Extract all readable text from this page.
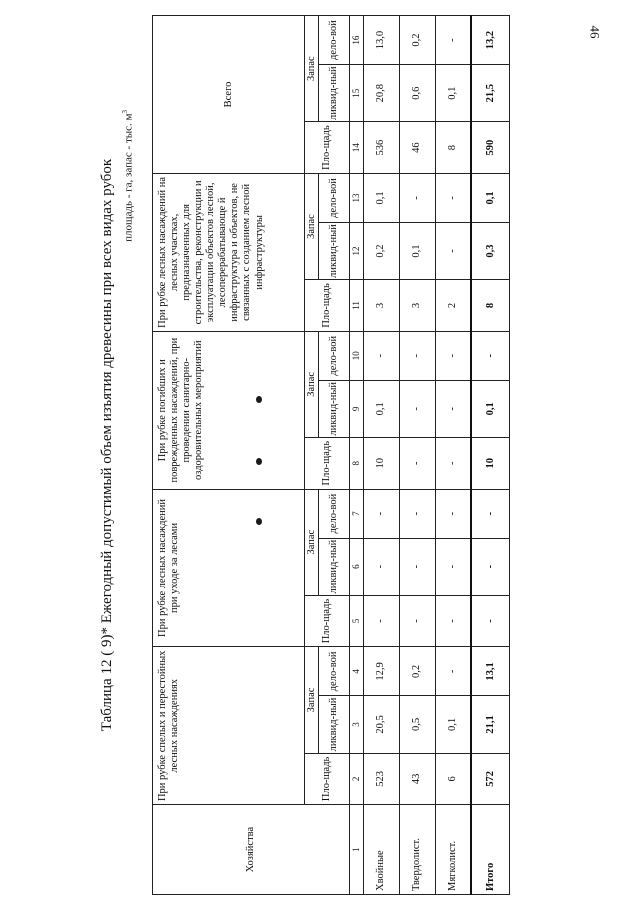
46
Таблица 12 ( 9)* Ежегодный допустимый объем изъятия древесины при всех видах рубок площадь - га, запас - тыс. $м^3$
Хозяйства	При рубке спелых и перестойных лесных насаждениях			При рубке лесных насаждений при уходе за лесами			При рубке погибших и поврежденных насаждений, при проведении санитарно-оздоровительных мероприятий			При рубке лесных насаждений на лесных участках, предназначенных для строительства, реконструкции и эксплуатации объектов лесной, лесоперерабатывающе й инфраструктура и объектов, не связанных с созданием лесной инфраструктуры			Всего		
	Пло-щадь	Запас		Пло-щадь	Запас		Пло-щадь	Запас		Пло-щадь	Запас		Пло-щадь	Запас	
		ликвид-ный	дело-вой		ликвид-ный	дело-вой		ликвид-ный	дело-вой		ликвид-ный	дело-вой		ликвид-ный	дело-вой
1	2	3	4	5	6	7	8	9	10	11	12	13	14	15	16
Хвойные	523	20,5	12,9	-	-	-	10	0,1	-	3	0,2	0,1	536	20,8	13,0
Твердолист.	43	0,5	0,2	-	-	-	-	-	-	3	0,1	-	46	0,6	0,2
Мягколист.	6	0,1	-	-	-	-	-	-	-	2	-	-	8	0,1	-
Итого	572	21,1	13,1	-	-	-	10	0,1	-	8	0,3	0,1	590	21,5	13,2
